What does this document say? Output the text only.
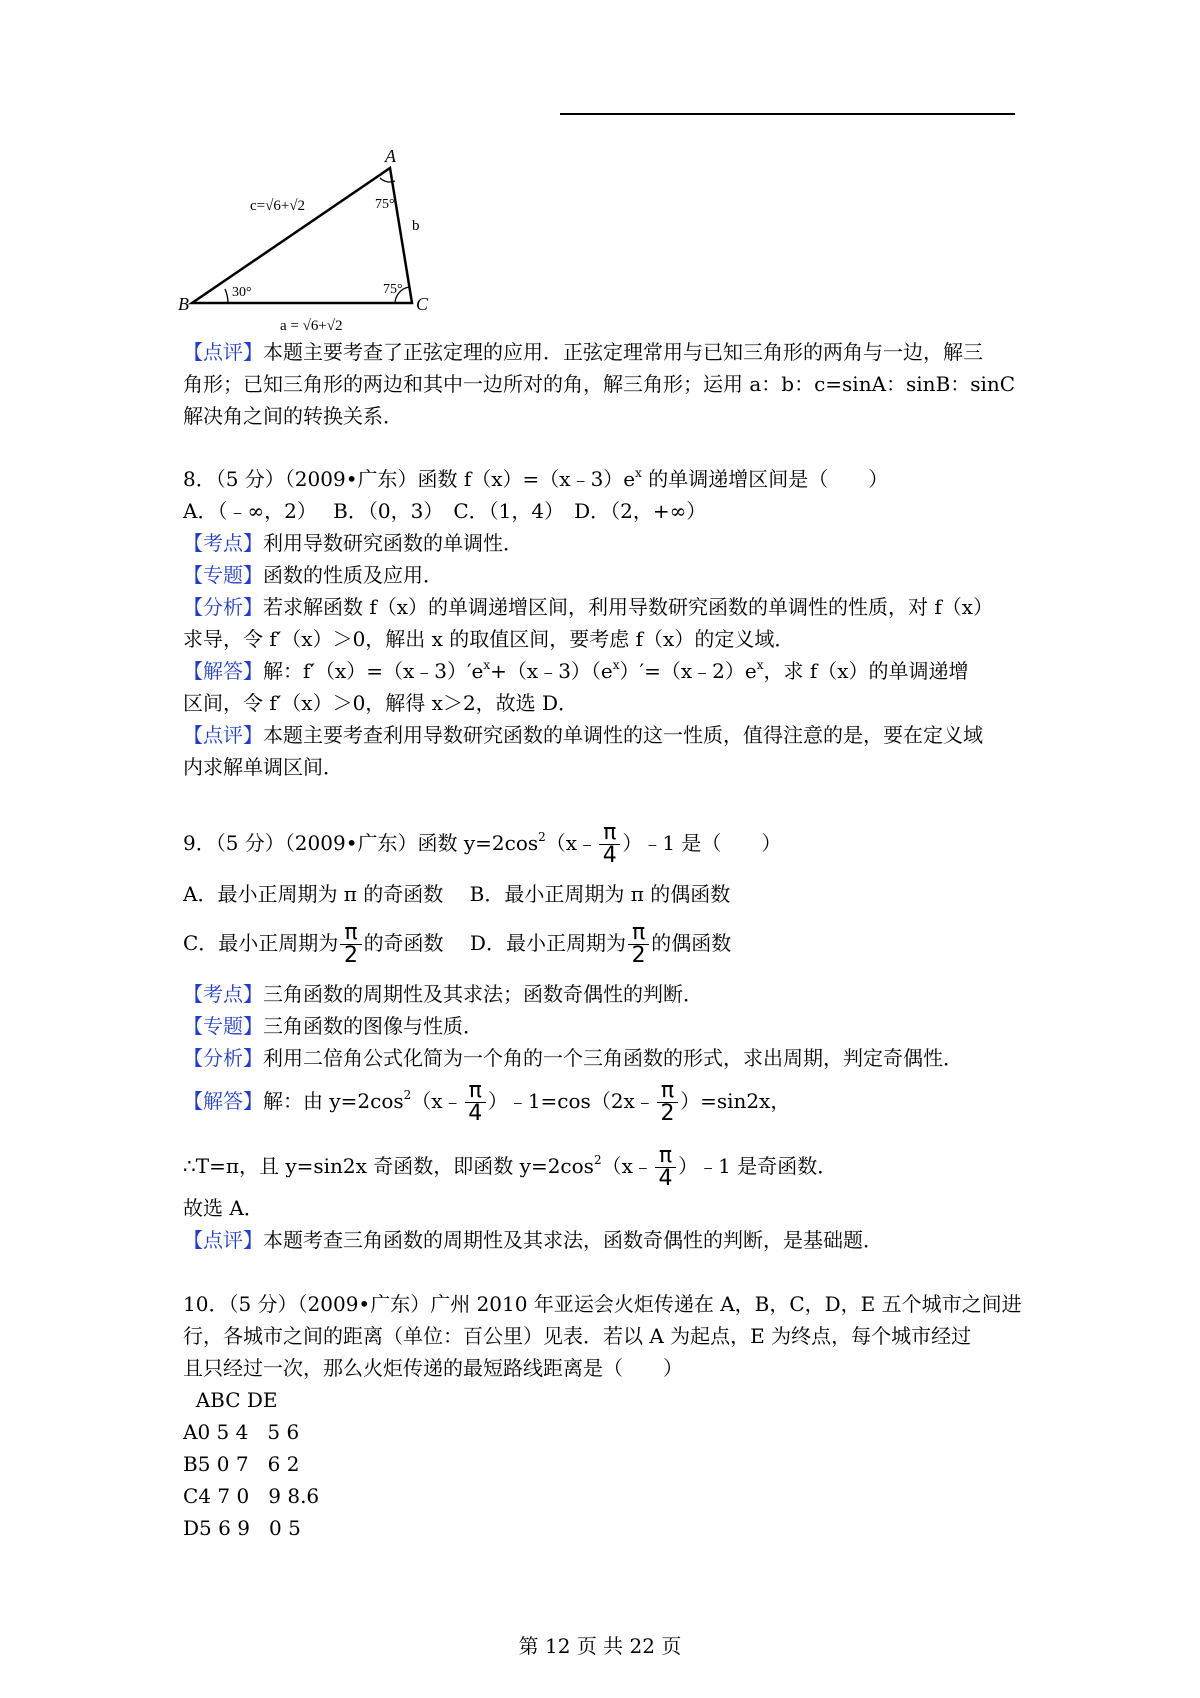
A
B	C
75°
30°	75°
b
c=√6+√2
a = √6+√2
【点评】本题主要考查了正弦定理的应用．正弦定理常用与已知三角形的两角与一边，解三
角形；已知三角形的两边和其中一边所对的角，解三角形；运用 a：b：c=sinA：sinB：sinC
解决角之间的转换关系．
8．（5 分）（2009•广东）函数 $f(x)=(x﹣3)e^x$ 的单调递增区间是（　　）
A．（﹣∞，2）　 B．（0，3）　C．（1，4）　D．（2，+∞）
【考点】利用导数研究函数的单调性．
【专题】函数的性质及应用．
【分析】若求解函数 f（x）的单调递增区间，利用导数研究函数的单调性的性质，对 f（x）
求导，令 f′（x）＞0，解出 x 的取值区间，要考虑 f（x）的定义域．
【解答】解：$f'(x)=(x﹣3)'e^x+(x﹣3)(e^x)'=(x﹣2)e^x$，求 f（x）的单调递增
区间，令 f′（x）＞0，解得 x＞2，故选 D．
【点评】本题主要考查利用导数研究函数的单调性的这一性质，值得注意的是，要在定义域
内求解单调区间．
9．（5 分）（2009•广东）函数 $y=2\cos^2(x﹣ \frac{\pi}{4}$ ）﹣1 是（　　）
A．最小正周期为 π 的奇函数　 B．最小正周期为 π 的偶函数
C．最小正周期为 $\frac{\pi}{2}$ 的奇函数　 D．最小正周期为 $\frac{\pi}{2}$ 的偶函数
【考点】三角函数的周期性及其求法；函数奇偶性的判断．
【专题】三角函数的图像与性质．
【分析】利用二倍角公式化简为一个角的一个三角函数的形式，求出周期，判定奇偶性．
【解答】解：由 $y=2\cos^2(x﹣ \frac{\pi}{4}$ ）﹣1=cos（2x﹣ $\frac{\pi}{2} )=\sin 2x$，
∴T=π，且 y=sin2x 奇函数，即函数 $y=2\cos^2(x﹣ \frac{\pi}{4}$ ）﹣1 是奇函数．
故选 A．
【点评】本题考查三角函数的周期性及其求法，函数奇偶性的判断，是基础题．
10．（5 分）（2009•广东）广州 2010 年亚运会火炬传递在 A，B，C，D，E 五个城市之间进
行，各城市之间的距离（单位：百公里）见表．若以 A 为起点，E 为终点，每个城市经过
且只经过一次，那么火炬传递的最短路线距离是（　　）
ABC DE
A0 5 4   5 6
B5 0 7   6 2
C4 7 0   9 8.6
D5 6 9   0 5
第 12 页 共 22 页
